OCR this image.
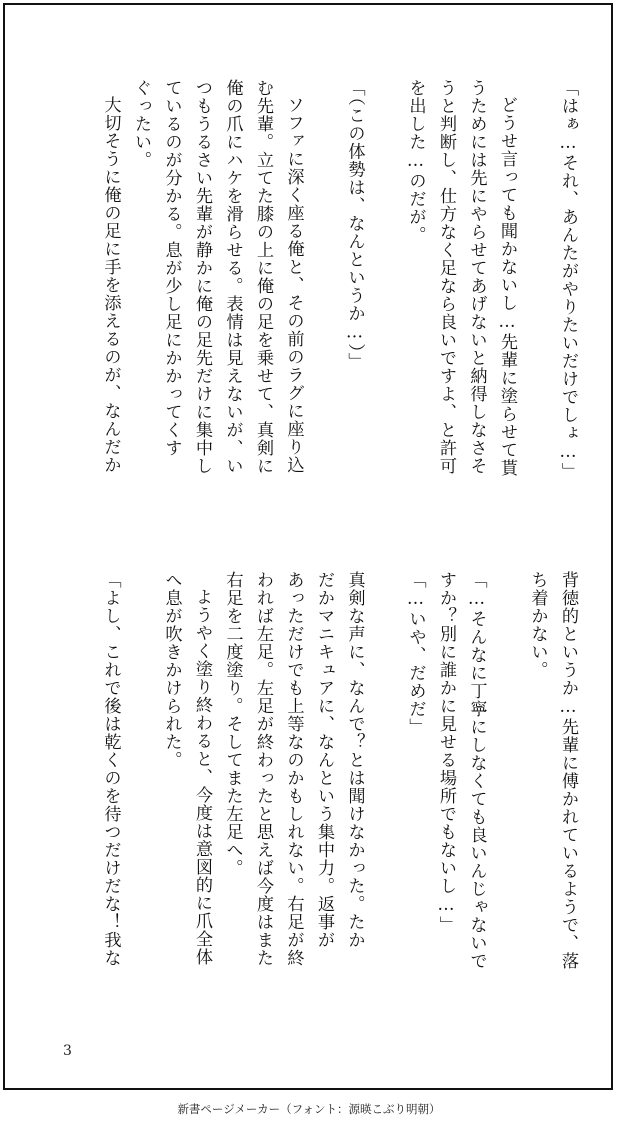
「はぁ…それ、あんたがやりたいだけでしょ…」
どうせ言っても聞かないし…先輩に塗らせて貰
うためには先にやらせてあげないと納得しなさそ
うと判断し、仕方なく足なら良いですよ、と許可
を出した…のだが。
「（この体勢は、なんというか…）」
ソファに深く座る俺と、その前のラグに座り込
む先輩。立てた膝の上に俺の足を乗せて、真剣に
俺の爪にハケを滑らせる。表情は見えないが、い
つもうるさい先輩が静かに俺の足先だけに集中し
ているのが分かる。息が少し足にかかってくす
ぐったい。
大切そうに俺の足に手を添えるのが、なんだか
背徳的というか…先輩に傅かれているようで、落
ち着かない。
「…そんなに丁寧にしなくても良いんじゃないで
すか？別に誰かに見せる場所でもないし…」
「…いや、だめだ」
真剣な声に、なんで？とは聞けなかった。たか
だかマニキュアに、なんという集中力。返事が
あっただけでも上等なのかもしれない。右足が終
われば左足。左足が終わったと思えば今度はまた
右足を二度塗り。そしてまた左足へ。
ようやく塗り終わると、今度は意図的に爪全体
へ息が吹きかけられた。
「よし、これで後は乾くのを待つだけだな！我な
3
新書ページメーカー（フォント：源暎こぶり明朝）
